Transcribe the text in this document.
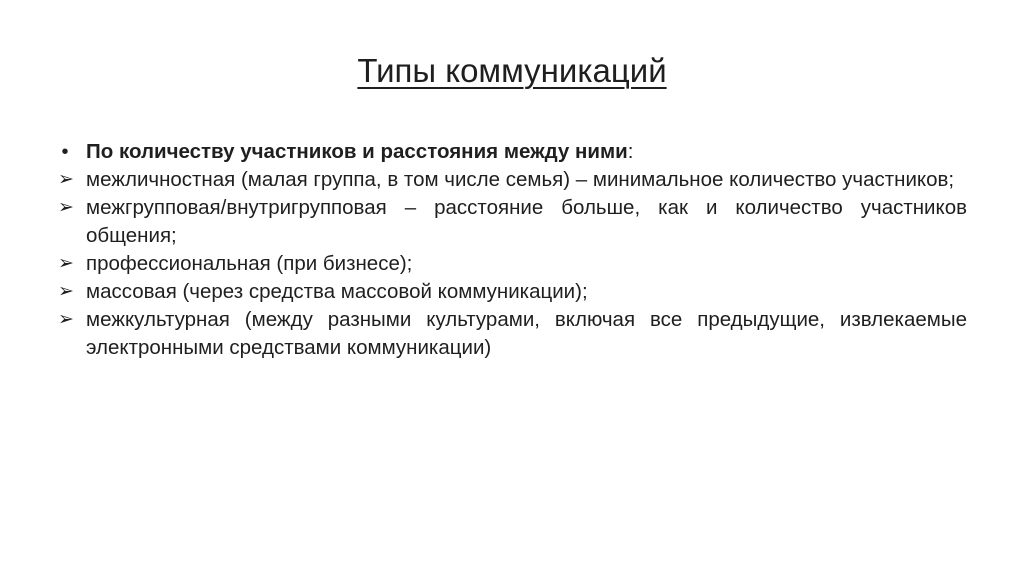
Типы коммуникаций
• По количеству участников и расстояния между ними:
➢ межличностная (малая группа, в том числе семья) – минимальное количество участников;
➢ межгрупповая/внутригрупповая – расстояние больше, как и количество участников общения;
➢ профессиональная (при бизнесе);
➢ массовая (через средства массовой коммуникации);
➢ межкультурная (между разными культурами, включая все предыдущие, извлекаемые электронными средствами коммуникации)
